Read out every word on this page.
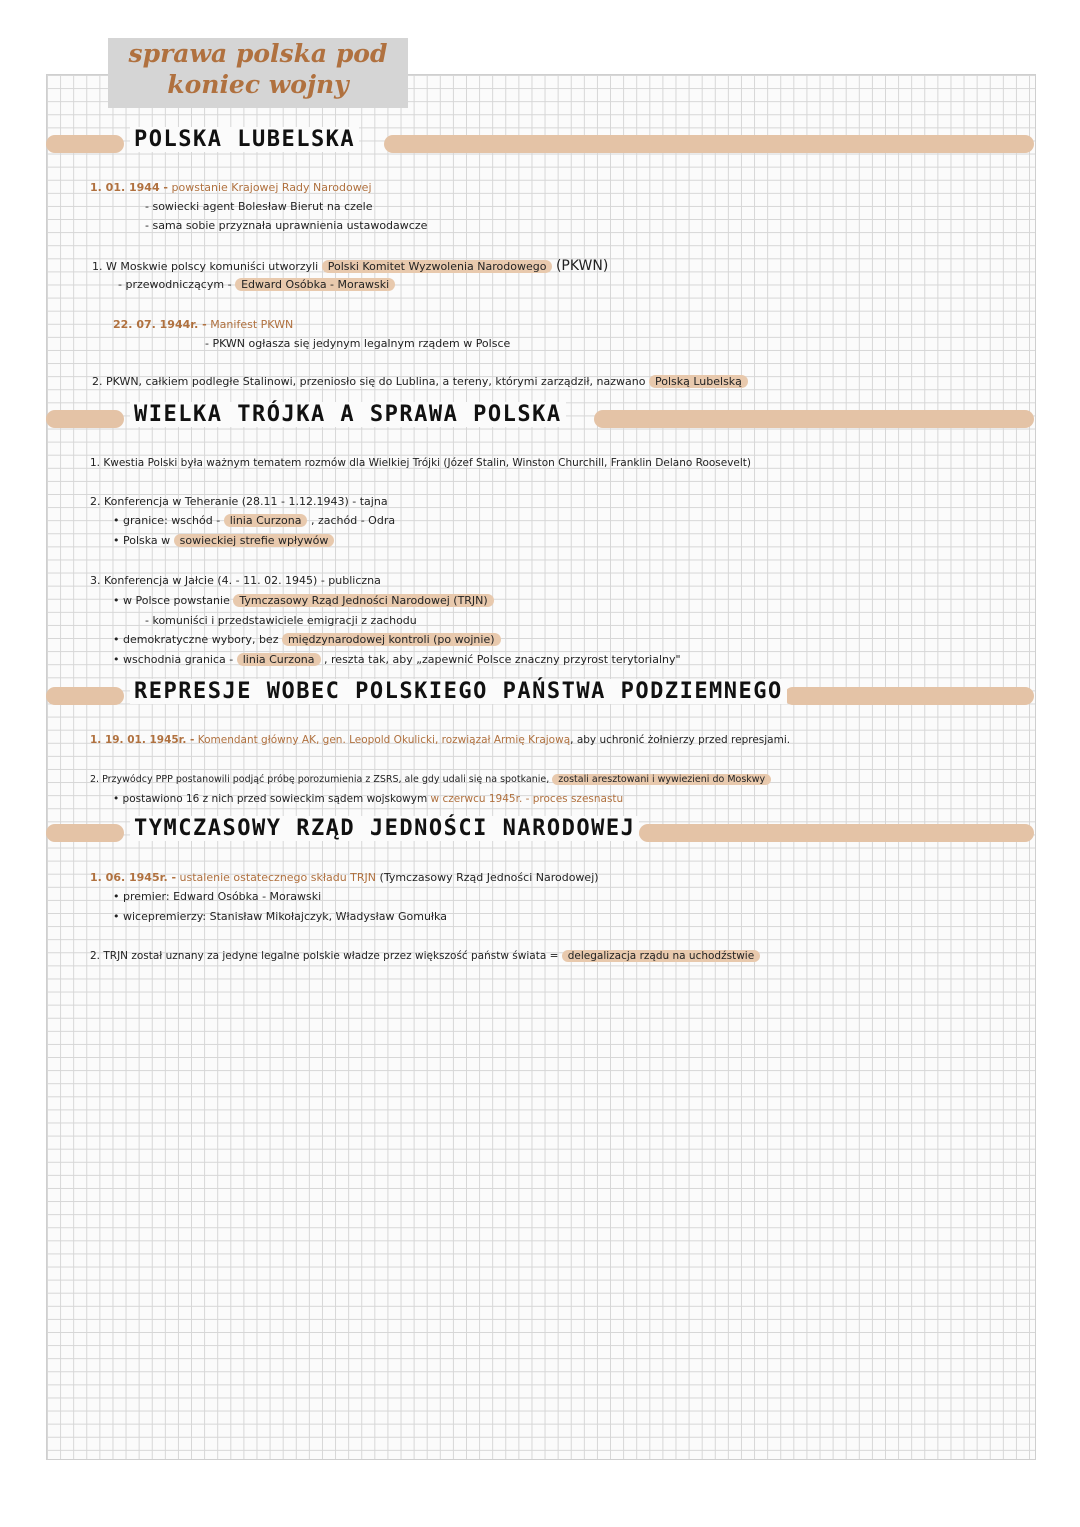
sprawa polska pod
koniec wojny
POLSKA LUBELSKA
1. 01. 1944 - powstanie Krajowej Rady Narodowej
- sowiecki agent Bolesław Bierut na czele
- sama sobie przyznała uprawnienia ustawodawcze
1. W Moskwie polscy komuniści utworzyli Polski Komitet Wyzwolenia Narodowego (PKWN)
- przewodniczącym - Edward Osóbka - Morawski
22. 07. 1944r. - Manifest PKWN
- PKWN ogłasza się jedynym legalnym rządem w Polsce
2. PKWN, całkiem podległe Stalinowi, przeniosło się do Lublina, a tereny, którymi zarządził, nazwano Polską Lubelską
WIELKA TRÓJKA A SPRAWA POLSKA
1. Kwestia Polski była ważnym tematem rozmów dla Wielkiej Trójki (Józef Stalin, Winston Churchill, Franklin Delano Roosevelt)
2. Konferencja w Teheranie (28.11 - 1.12.1943) - tajna
• granice: wschód - linia Curzona , zachód - Odra
• Polska w sowieckiej strefie wpływów
3. Konferencja w Jałcie (4. - 11. 02. 1945) - publiczna
• w Polsce powstanie Tymczasowy Rząd Jedności Narodowej (TRJN)
- komuniści i przedstawiciele emigracji z zachodu
• demokratyczne wybory, bez międzynarodowej kontroli (po wojnie)
• wschodnia granica - linia Curzona , reszta tak, aby „zapewnić Polsce znaczny przyrost terytorialny"
REPRESJE WOBEC POLSKIEGO PAŃSTWA PODZIEMNEGO
1. 19. 01. 1945r. - Komendant główny AK, gen. Leopold Okulicki, rozwiązał Armię Krajową, aby uchronić żołnierzy przed represjami.
2. Przywódcy PPP postanowili podjąć próbę porozumienia z ZSRS, ale gdy udali się na spotkanie, zostali aresztowani i wywiezieni do Moskwy
• postawiono 16 z nich przed sowieckim sądem wojskowym w czerwcu 1945r. - proces szesnastu
TYMCZASOWY RZĄD JEDNOŚCI NARODOWEJ
1. 06. 1945r. - ustalenie ostatecznego składu TRJN (Tymczasowy Rząd Jedności Narodowej)
• premier: Edward Osóbka - Morawski
• wicepremierzy: Stanisław Mikołajczyk, Władysław Gomułka
2. TRJN został uznany za jedyne legalne polskie władze przez większość państw świata = delegalizacja rządu na uchodźstwie
